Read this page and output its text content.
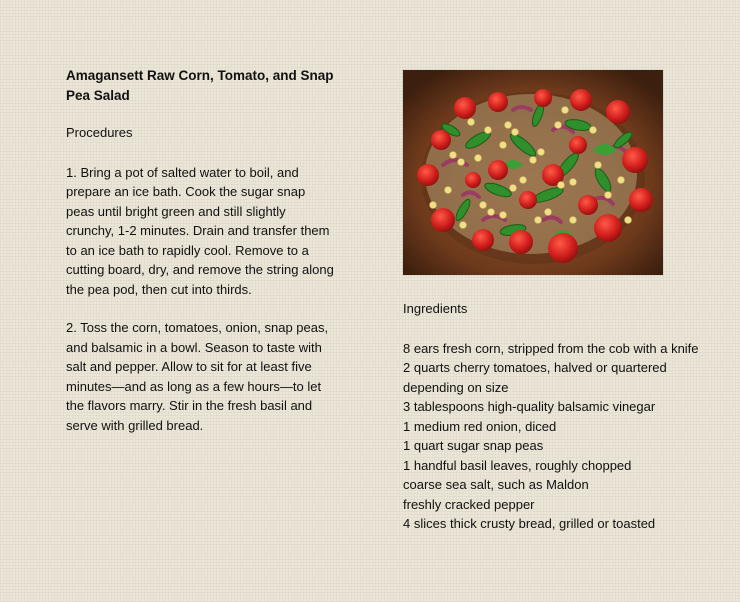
Amagansett Raw Corn, Tomato, and Snap Pea Salad

Procedures

1. Bring a pot of salted water to boil, and prepare an ice bath. Cook the sugar snap peas until bright green and still slightly crunchy, 1-2 minutes. Drain and transfer them to an ice bath to rapidly cool. Remove to a cutting board, dry, and remove the string along the pea pod, then cut into thirds.

2. Toss the corn, tomatoes, onion, snap peas, and balsamic in a bowl. Season to taste with salt and pepper. Allow to sit for at least five minutes—and as long as a few hours—to let the flavors marry. Stir in the fresh basil and serve with grilled bread.

Ingredients

8 ears fresh corn, stripped from the cob with a knife
2 quarts cherry tomatoes, halved or quartered depending on size
3 tablespoons high-quality balsamic vinegar
1 medium red onion, diced
1 quart sugar snap peas
1 handful basil leaves, roughly chopped
coarse sea salt, such as Maldon
freshly cracked pepper
4 slices thick crusty bread, grilled or toasted
